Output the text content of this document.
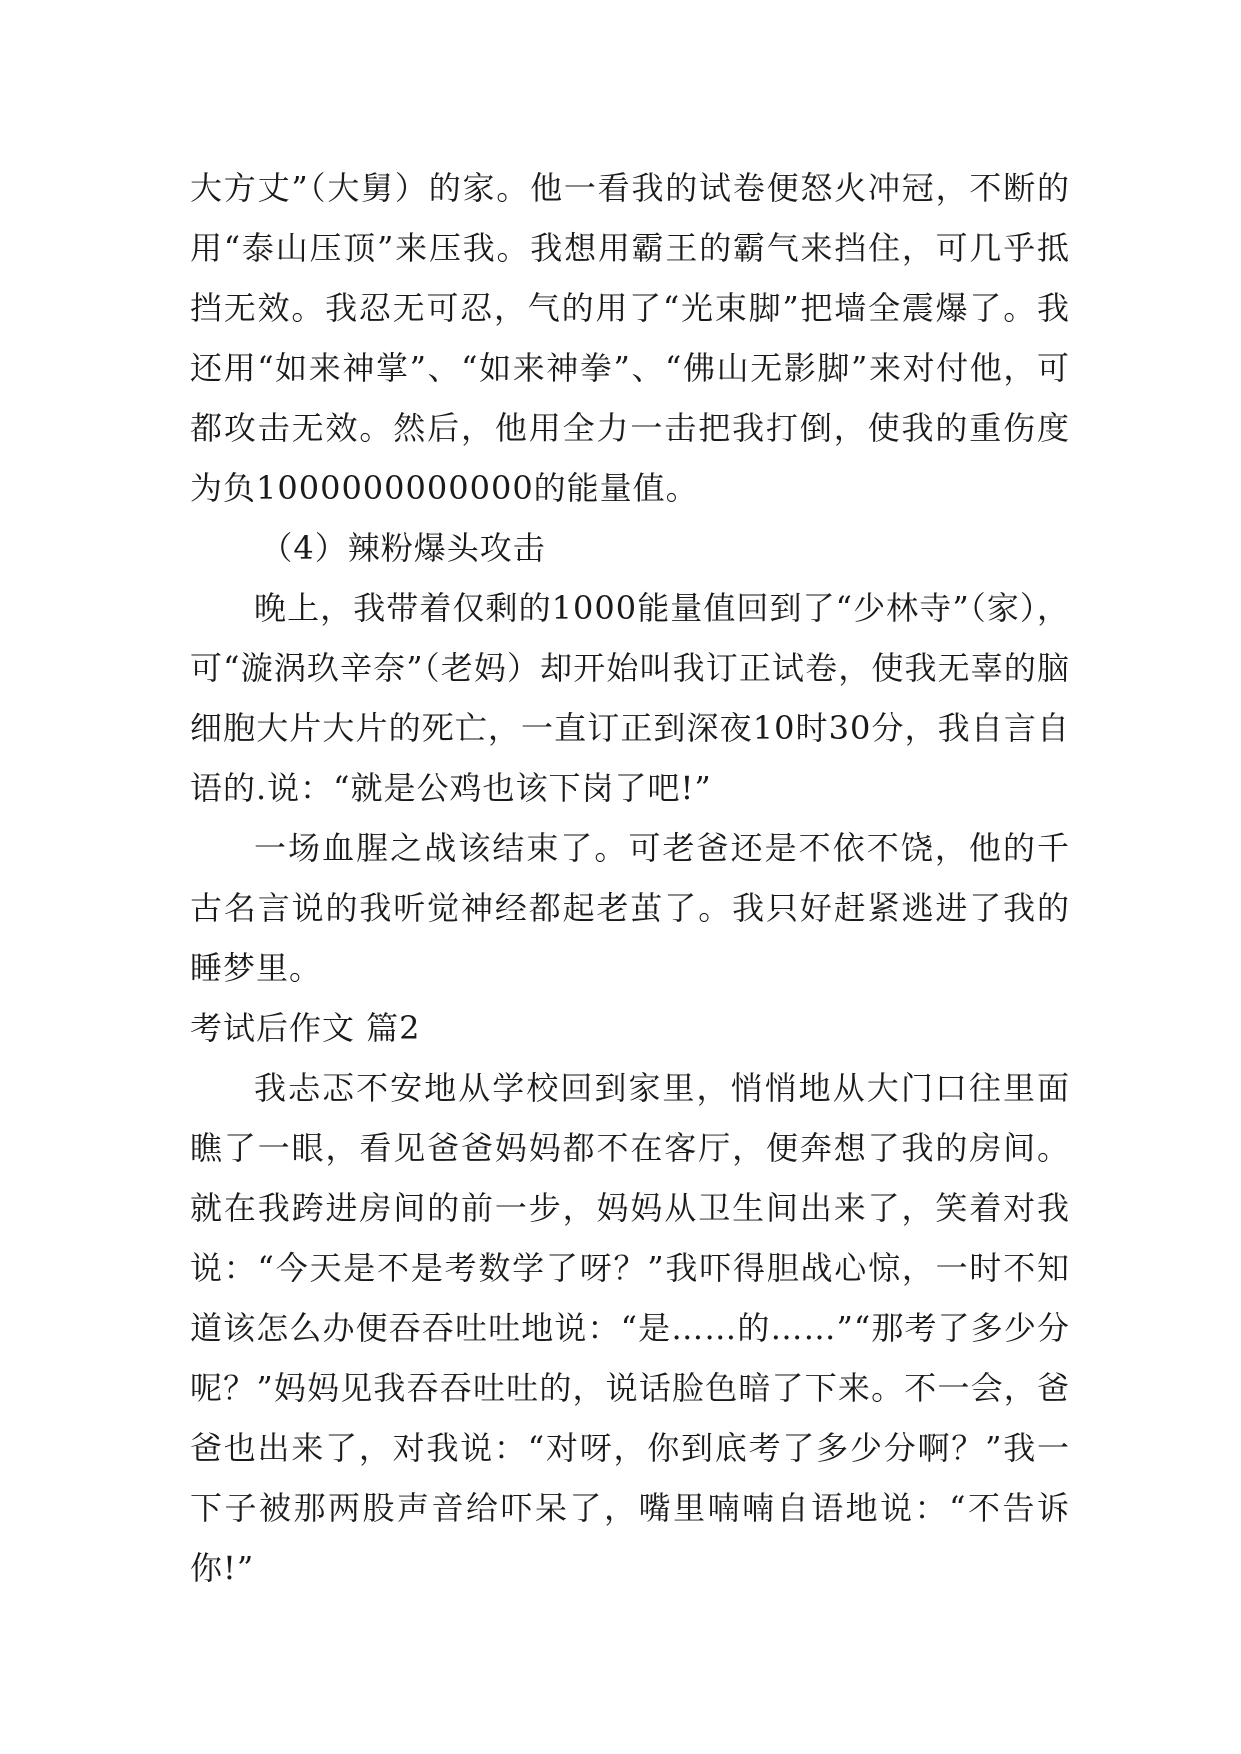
大方丈”（大舅）的家。他一看我的试卷便怒火冲冠，不断的用“泰山压顶”来压我。我想用霸王的霸气来挡住，可几乎抵挡无效。我忍无可忍，气的用了“光束脚”把墙全震爆了。我还用“如来神掌”、“如来神拳”、“佛山无影脚”来对付他，可都攻击无效。然后，他用全力一击把我打倒，使我的重伤度为负1000000000000的能量值。

（4）辣粉爆头攻击

晚上，我带着仅剩的1000能量值回到了“少林寺”（家），可“漩涡玖辛奈”（老妈）却开始叫我订正试卷，使我无辜的脑细胞大片大片的死亡，一直订正到深夜10时30分，我自言自语的.说：“就是公鸡也该下岗了吧!”

一场血腥之战该结束了。可老爸还是不依不饶，他的千古名言说的我听觉神经都起老茧了。我只好赶紧逃进了我的睡梦里。

考试后作文 篇2

我忐忑不安地从学校回到家里，悄悄地从大门口往里面瞧了一眼，看见爸爸妈妈都不在客厅，便奔想了我的房间。就在我跨进房间的前一步，妈妈从卫生间出来了，笑着对我说：“今天是不是考数学了呀？”我吓得胆战心惊，一时不知道该怎么办便吞吞吐吐地说：“是……的……”“那考了多少分呢？”妈妈见我吞吞吐吐的，说话脸色暗了下来。不一会，爸爸也出来了，对我说：“对呀，你到底考了多少分啊？”我一下子被那两股声音给吓呆了，嘴里喃喃自语地说：“不告诉你!”
